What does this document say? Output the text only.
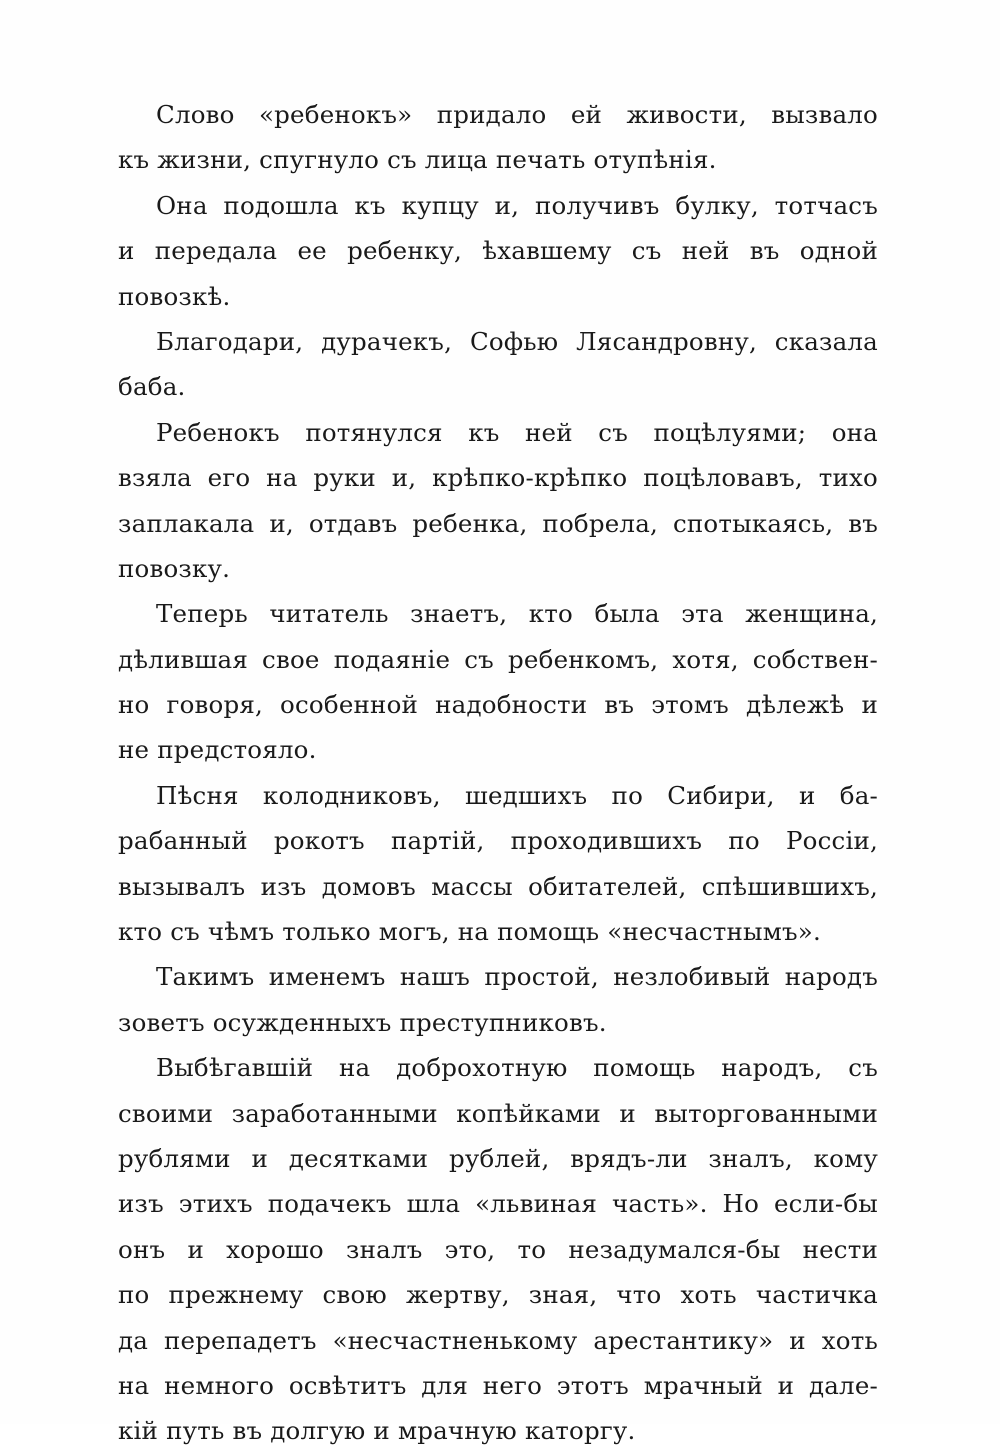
Слово «ребенокъ» придало ей живости, вызвало
къ жизни, спугнуло съ лица печать отупѣнія.
Она подошла къ купцу и, получивъ булку, тотчасъ
и передала ее ребенку, ѣхавшему съ ней въ одной
повозкѣ.
Благодари, дурачекъ, Софью Лясандровну, сказала
баба.
Ребенокъ потянулся къ ней съ поцѣлуями; она
взяла его на руки и, крѣпко-крѣпко поцѣловавъ, тихо
заплакала и, отдавъ ребенка, побрела, спотыкаясь, въ
повозку.
Теперь читатель знаетъ, кто была эта женщина,
дѣлившая свое подаяніе съ ребенкомъ, хотя, собствен-
но говоря, особенной надобности въ этомъ дѣлежѣ и
не предстояло.
Пѣсня колодниковъ, шедшихъ по Сибири, и ба-
рабанный рокотъ партій, проходившихъ по Россіи,
вызывалъ изъ домовъ массы обитателей, спѣшившихъ,
кто съ чѣмъ только могъ, на помощь «несчастнымъ».
Такимъ именемъ нашъ простой, незлобивый народъ
зоветъ осужденныхъ преступниковъ.
Выбѣгавшій на доброхотную помощь народъ, съ
своими заработанными копѣйками и выторгованными
рублями и десятками рублей, врядъ-ли зналъ, кому
изъ этихъ подачекъ шла «львиная часть». Но если-бы
онъ и хорошо зналъ это, то незадумался-бы нести
по прежнему свою жертву, зная, что хоть частичка
да перепадетъ «несчастненькому арестантику» и хоть
на немного освѣтитъ для него этотъ мрачный и дале-
кій путь въ долгую и мрачную каторгу.
